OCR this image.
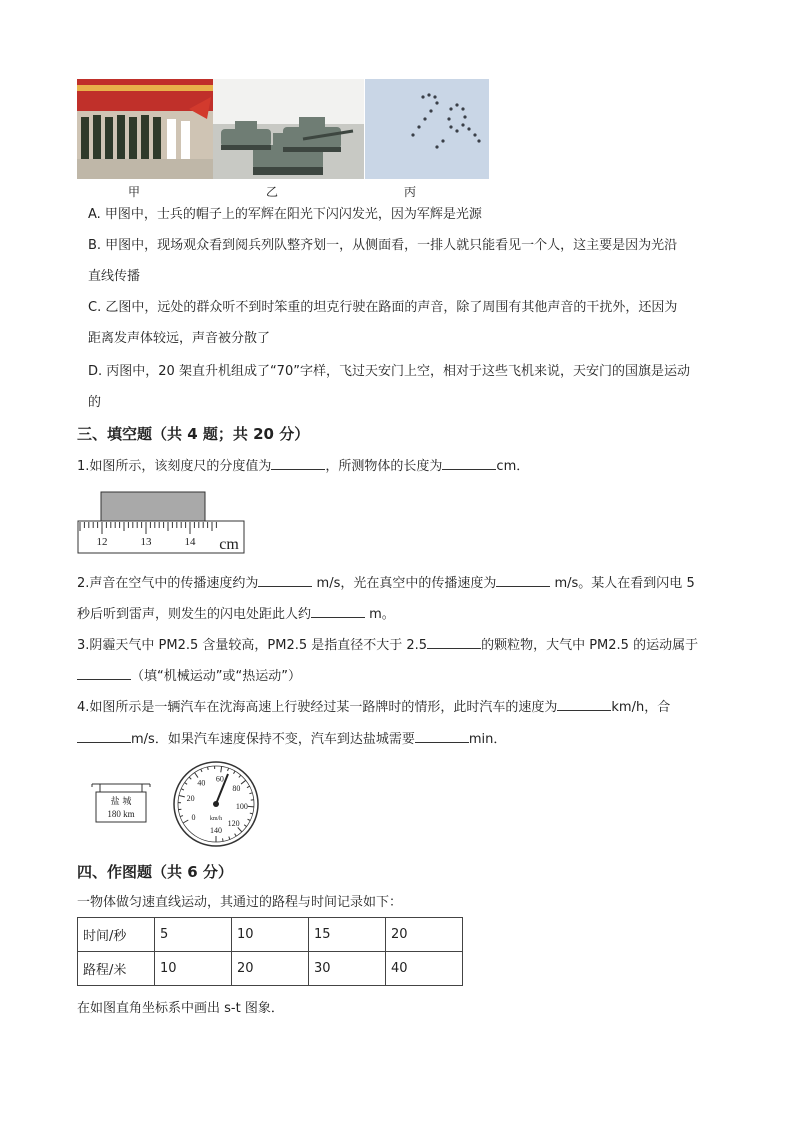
甲	乙	丙
A. 甲图中，士兵的帽子上的军辉在阳光下闪闪发光，因为军辉是光源
B. 甲图中，现场观众看到阅兵列队整齐划一，从侧面看，一排人就只能看见一个人，这主要是因为光沿
直线传播
C. 乙图中，远处的群众听不到时笨重的坦克行驶在路面的声音，除了周围有其他声音的干扰外，还因为
距离发声体较远，声音被分散了
D. 丙图中，20 架直升机组成了“70”字样，飞过天安门上空，相对于这些飞机来说，天安门的国旗是运动
的
三、填空题（共 4 题；共 20 分）
1.如图所示，该刻度尺的分度值为	，所测物体的长度为	cm．
12	13	14 cm
2.声音在空气中的传播速度约为	m/s，光在真空中的传播速度为	m/s。某人在看到闪电 5
秒后听到雷声，则发生的闪电处距此人约	m。
3.阴霾天气中 PM2.5 含量较高，PM2.5 是指直径不大于 2.5	的颗粒物，大气中 PM2.5 的运动属于
（填“机械运动”或“热运动”）
4.如图所示是一辆汽车在沈海高速上行驶经过某一路牌时的情形，此时汽车的速度为	km/h，合
m/s．如果汽车速度保持不变，汽车到达盐城需要	min．
盐 城
180 km	0
20
40 60
80
100
120
140
km/h
四、作图题（共 6 分）
一物体做匀速直线运动，其通过的路程与时间记录如下：
时间/秒	5	10	15	20
路程/米	10	20	30	40
在如图直角坐标系中画出 s-t 图象．
